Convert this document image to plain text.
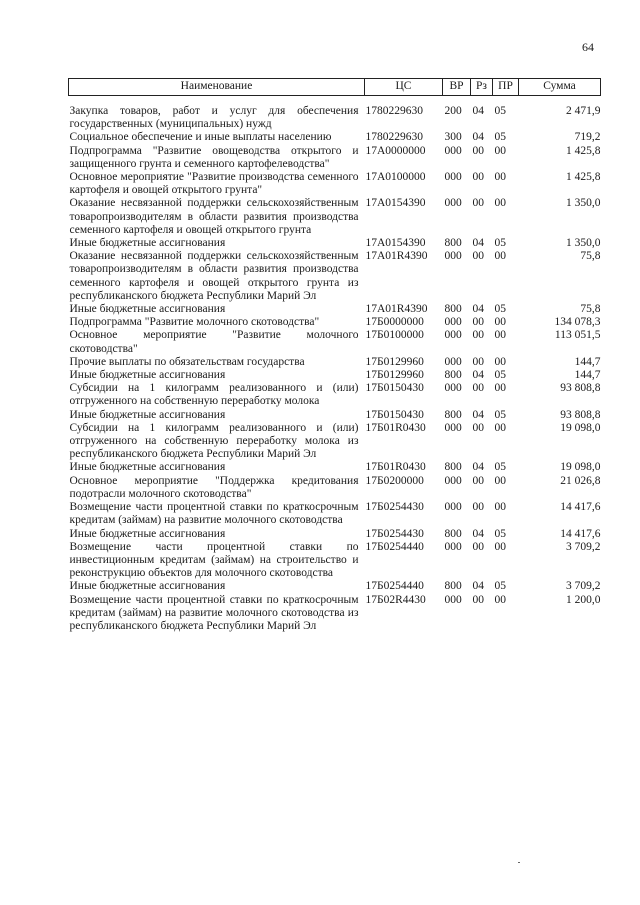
64
Наименование	ЦС	ВР	Рз	ПР	Сумма
Закупка товаров, работ и услуг для обеспечения государственных (муниципальных) нужд	1780229630	200	04	05	2 471,9
Социальное обеспечение и иные выплаты населению	1780229630	300	04	05	719,2
Подпрограмма "Развитие овощеводства открытого и защищенного грунта и семенного картофелеводства"	17А0000000	000	00	00	1 425,8
Основное мероприятие "Развитие производства семенного картофеля и овощей открытого грунта"	17А0100000	000	00	00	1 425,8
Оказание несвязанной поддержки сельскохозяйственным товаропроизводителям в области развития производства семенного картофеля и овощей открытого грунта	17А0154390	000	00	00	1 350,0
Иные бюджетные ассигнования	17А0154390	800	04	05	1 350,0
Оказание несвязанной поддержки сельскохозяйственным товаропроизводителям в области развития производства семенного картофеля и овощей открытого грунта из республиканского бюджета Республики Марий Эл	17А01R4390	000	00	00	75,8
Иные бюджетные ассигнования	17А01R4390	800	04	05	75,8
Подпрограмма "Развитие молочного скотоводства"	17Б0000000	000	00	00	134 078,3
Основное мероприятие "Развитие молочного скотоводства"	17Б0100000	000	00	00	113 051,5
Прочие выплаты по обязательствам государства	17Б0129960	000	00	00	144,7
Иные бюджетные ассигнования	17Б0129960	800	04	05	144,7
Субсидии на 1 килограмм реализованного и (или) отгруженного на собственную переработку молока	17Б0150430	000	00	00	93 808,8
Иные бюджетные ассигнования	17Б0150430	800	04	05	93 808,8
Субсидии на 1 килограмм реализованного и (или) отгруженного на собственную переработку молока из республиканского бюджета Республики Марий Эл	17Б01R0430	000	00	00	19 098,0
Иные бюджетные ассигнования	17Б01R0430	800	04	05	19 098,0
Основное мероприятие "Поддержка кредитования подотрасли молочного скотоводства"	17Б0200000	000	00	00	21 026,8
Возмещение части процентной ставки по краткосрочным кредитам (займам) на развитие молочного скотоводства	17Б0254430	000	00	00	14 417,6
Иные бюджетные ассигнования	17Б0254430	800	04	05	14 417,6
Возмещение части процентной ставки по инвестиционным кредитам (займам) на строительство и реконструкцию объектов для молочного скотоводства	17Б0254440	000	00	00	3 709,2
Иные бюджетные ассигнования	17Б0254440	800	04	05	3 709,2
Возмещение части процентной ставки по краткосрочным кредитам (займам) на развитие молочного скотоводства из республиканского бюджета Республики Марий Эл	17Б02R4430	000	00	00	1 200,0
